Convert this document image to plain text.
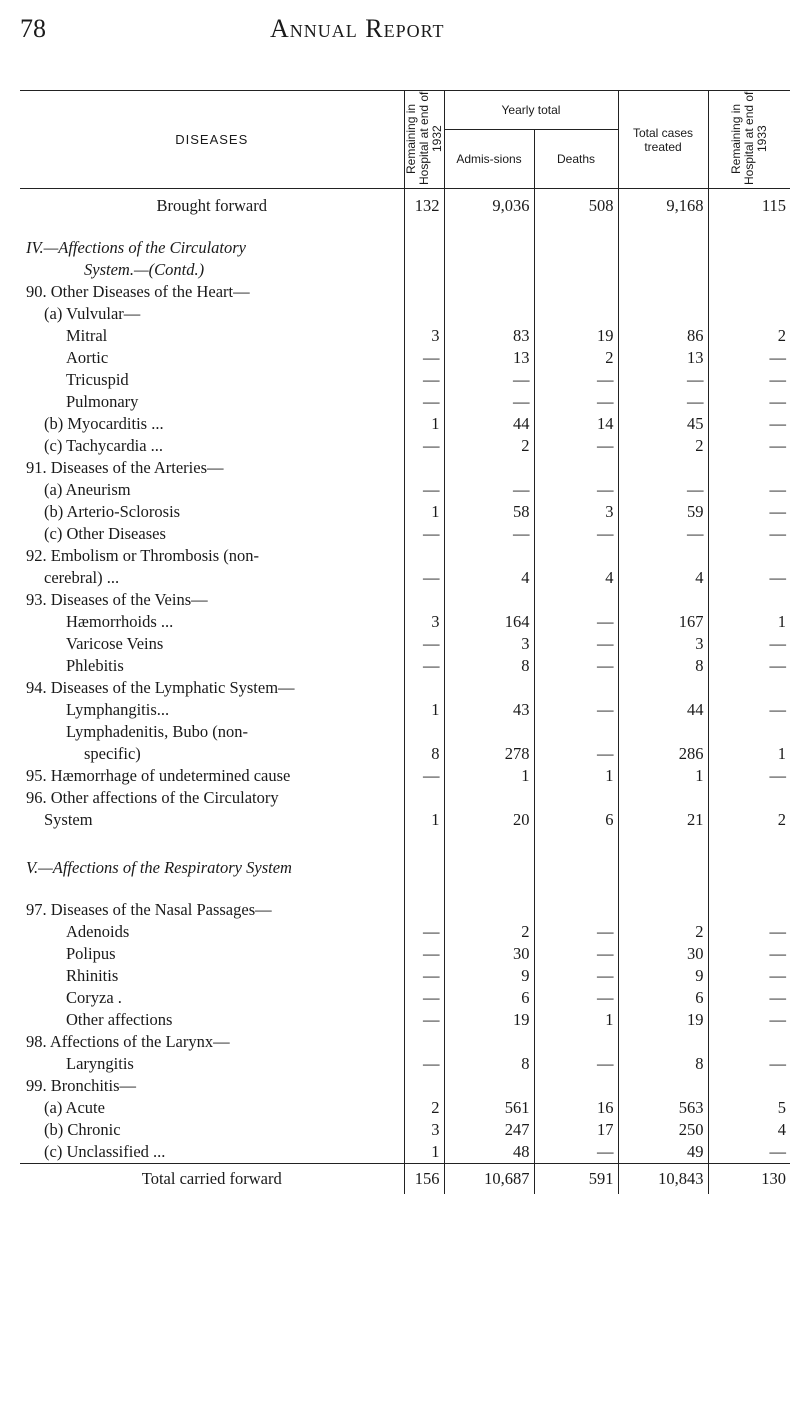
78	Annual Report
DISEASES	Remaining in Hospital at end of 1932	Yearly total		Total cases treated	Remaining in Hospital at end of 1933
		Admis-sions	Deaths		

Brought forward	132	9,036	508	9,168	115

IV.—Affections of the Circulatory					
System.—(Contd.)					
90. Other Diseases of the Heart—					
(a) Vulvular—					
Mitral	3	83	19	86	2
Aortic	—	13	2	13	—
Tricuspid	—	—	—	—	—
Pulmonary	—	—	—	—	—
(b) Myocarditis ...	1	44	14	45	—
(c) Tachycardia ...	—	2	—	2	—
91. Diseases of the Arteries—					
(a) Aneurism	—	—	—	—	—
(b) Arterio-Sclorosis	1	58	3	59	—
(c) Other Diseases	—	—	—	—	—
92. Embolism or Thrombosis (non-					
cerebral) ...	—	4	4	4	—
93. Diseases of the Veins—					
Hæmorrhoids ...	3	164	—	167	1
Varicose Veins	—	3	—	3	—
Phlebitis	—	8	—	8	—
94. Diseases of the Lymphatic System—					
Lymphangitis...	1	43	—	44	—
Lymphadenitis, Bubo (non-					
specific)	8	278	—	286	1
95. Hæmorrhage of undetermined cause	—	1	1	1	—
96. Other affections of the Circulatory					
System	1	20	6	21	2

V.—Affections of the Respiratory System					

97. Diseases of the Nasal Passages—					
Adenoids	—	2	—	2	—
Polipus	—	30	—	30	—
Rhinitis	—	9	—	9	—
Coryza .	—	6	—	6	—
Other affections	—	19	1	19	—
98. Affections of the Larynx—					
Laryngitis	—	8	—	8	—
99. Bronchitis—					
(a) Acute	2	561	16	563	5
(b) Chronic	3	247	17	250	4
(c) Unclassified ...	1	48	—	49	—

Total carried forward	156	10,687	591	10,843	130
